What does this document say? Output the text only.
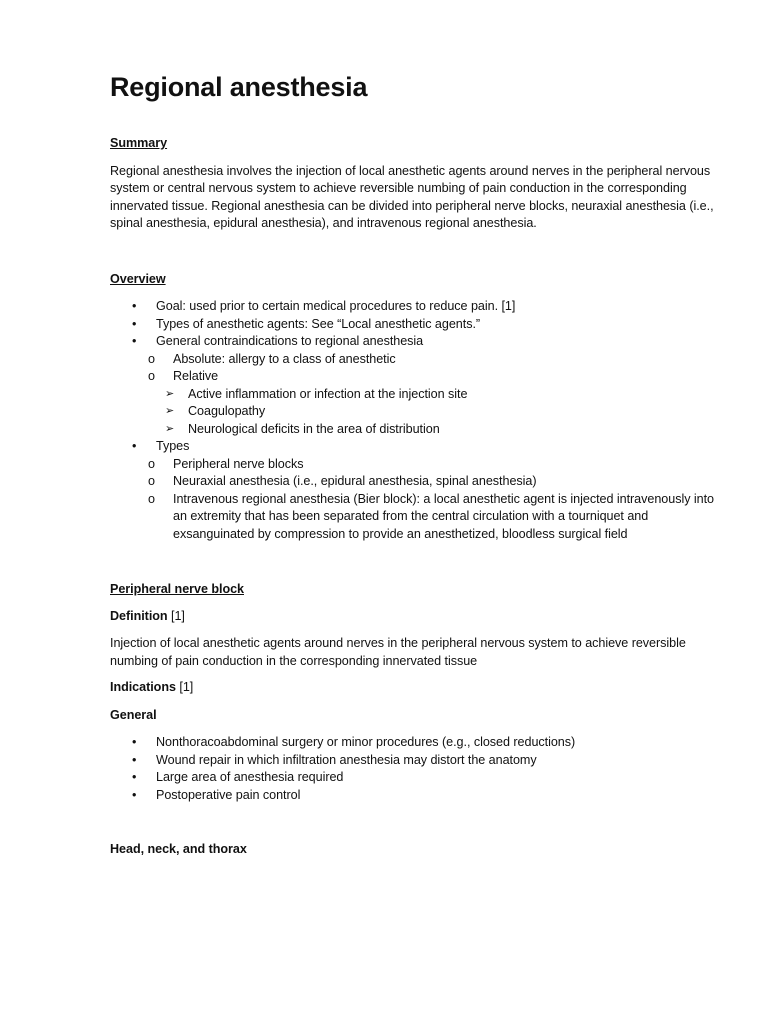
Regional anesthesia

Summary

Regional anesthesia involves the injection of local anesthetic agents around nerves in the peripheral nervous system or central nervous system to achieve reversible numbing of pain conduction in the corresponding innervated tissue. Regional anesthesia can be divided into peripheral nerve blocks, neuraxial anesthesia (i.e., spinal anesthesia, epidural anesthesia), and intravenous regional anesthesia.

Overview

• Goal: used prior to certain medical procedures to reduce pain. [1]
• Types of anesthetic agents: See “Local anesthetic agents.”
• General contraindications to regional anesthesia
o Absolute: allergy to a class of anesthetic
o Relative
➢ Active inflammation or infection at the injection site
➢ Coagulopathy
➢ Neurological deficits in the area of distribution
• Types
o Peripheral nerve blocks
o Neuraxial anesthesia (i.e., epidural anesthesia, spinal anesthesia)
o Intravenous regional anesthesia (Bier block): a local anesthetic agent is injected intravenously into an extremity that has been separated from the central circulation with a tourniquet and exsanguinated by compression to provide an anesthetized, bloodless surgical field

Peripheral nerve block

Definition [1]

Injection of local anesthetic agents around nerves in the peripheral nervous system to achieve reversible numbing of pain conduction in the corresponding innervated tissue

Indications [1]

General

• Nonthoracoabdominal surgery or minor procedures (e.g., closed reductions)
• Wound repair in which infiltration anesthesia may distort the anatomy
• Large area of anesthesia required
• Postoperative pain control

Head, neck, and thorax
